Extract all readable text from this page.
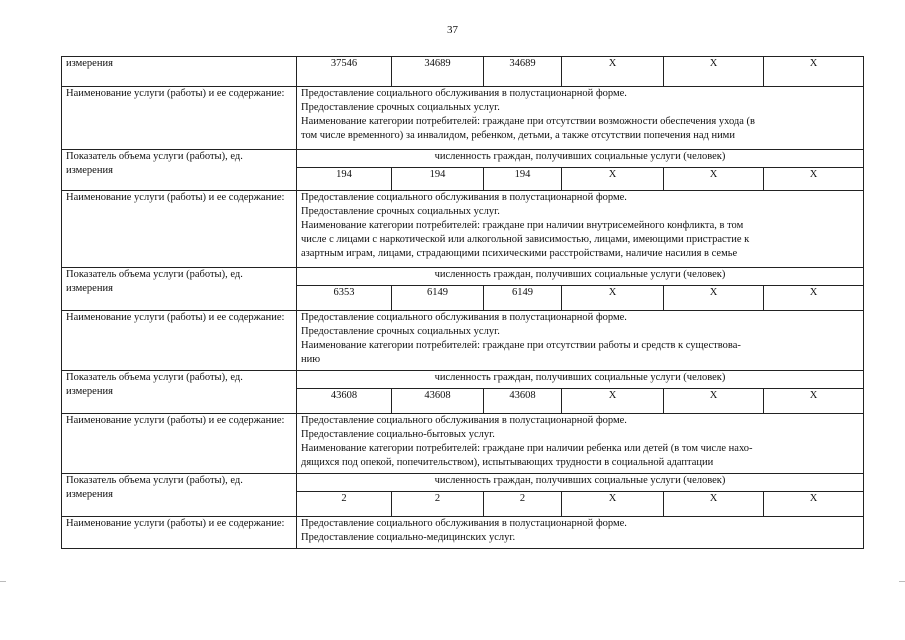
37
измерения	37546	34689	34689	X	X	X
Наименование услуги (работы) и ее содержание:	Предоставление социального обслуживания в полустационарной форме.
Предоставление срочных социальных услуг.
Наименование категории потребителей: граждане при отсутствии возможности обеспечения ухода (в
том числе временного) за инвалидом, ребенком, детьми, а также отсутствии попечения над ними					

Показатель объема услуги (работы), ед. измерения	численность граждан, получивших социальные услуги (человек)					
	194	194	194	X	X	X
Наименование услуги (работы) и ее содержание:	Предоставление социального обслуживания в полустационарной форме.
Предоставление срочных социальных услуг.
Наименование категории потребителей: граждане при наличии внутрисемейного конфликта, в том
числе с лицами с наркотической или алкогольной зависимостью, лицами, имеющими пристрастие к
азартным играм, лицами, страдающими психическими расстройствами, наличие насилия в семье					

Показатель объема услуги (работы), ед. измерения	численность граждан, получивших социальные услуги (человек)					
	6353	6149	6149	X	X	X
Наименование услуги (работы) и ее содержание:	Предоставление социального обслуживания в полустационарной форме.
Предоставление срочных социальных услуг.
Наименование категории потребителей: граждане при отсутствии работы и средств к существова-
нию					

Показатель объема услуги (работы), ед. измерения	численность граждан, получивших социальные услуги (человек)					
	43608	43608	43608	X	X	X
Наименование услуги (работы) и ее содержание:	Предоставление социального обслуживания в полустационарной форме.
Предоставление социально-бытовых услуг.
Наименование категории потребителей: граждане при наличии ребенка или детей (в том числе нахо-
дящихся под опекой, попечительством), испытывающих трудности в социальной адаптации					

Показатель объема услуги (работы), ед. измерения	численность граждан, получивших социальные услуги (человек)					
	2	2	2	X	X	X
Наименование услуги (работы) и ее содержание:	Предоставление социального обслуживания в полустационарной форме.
Предоставление социально-медицинских услуг.					
